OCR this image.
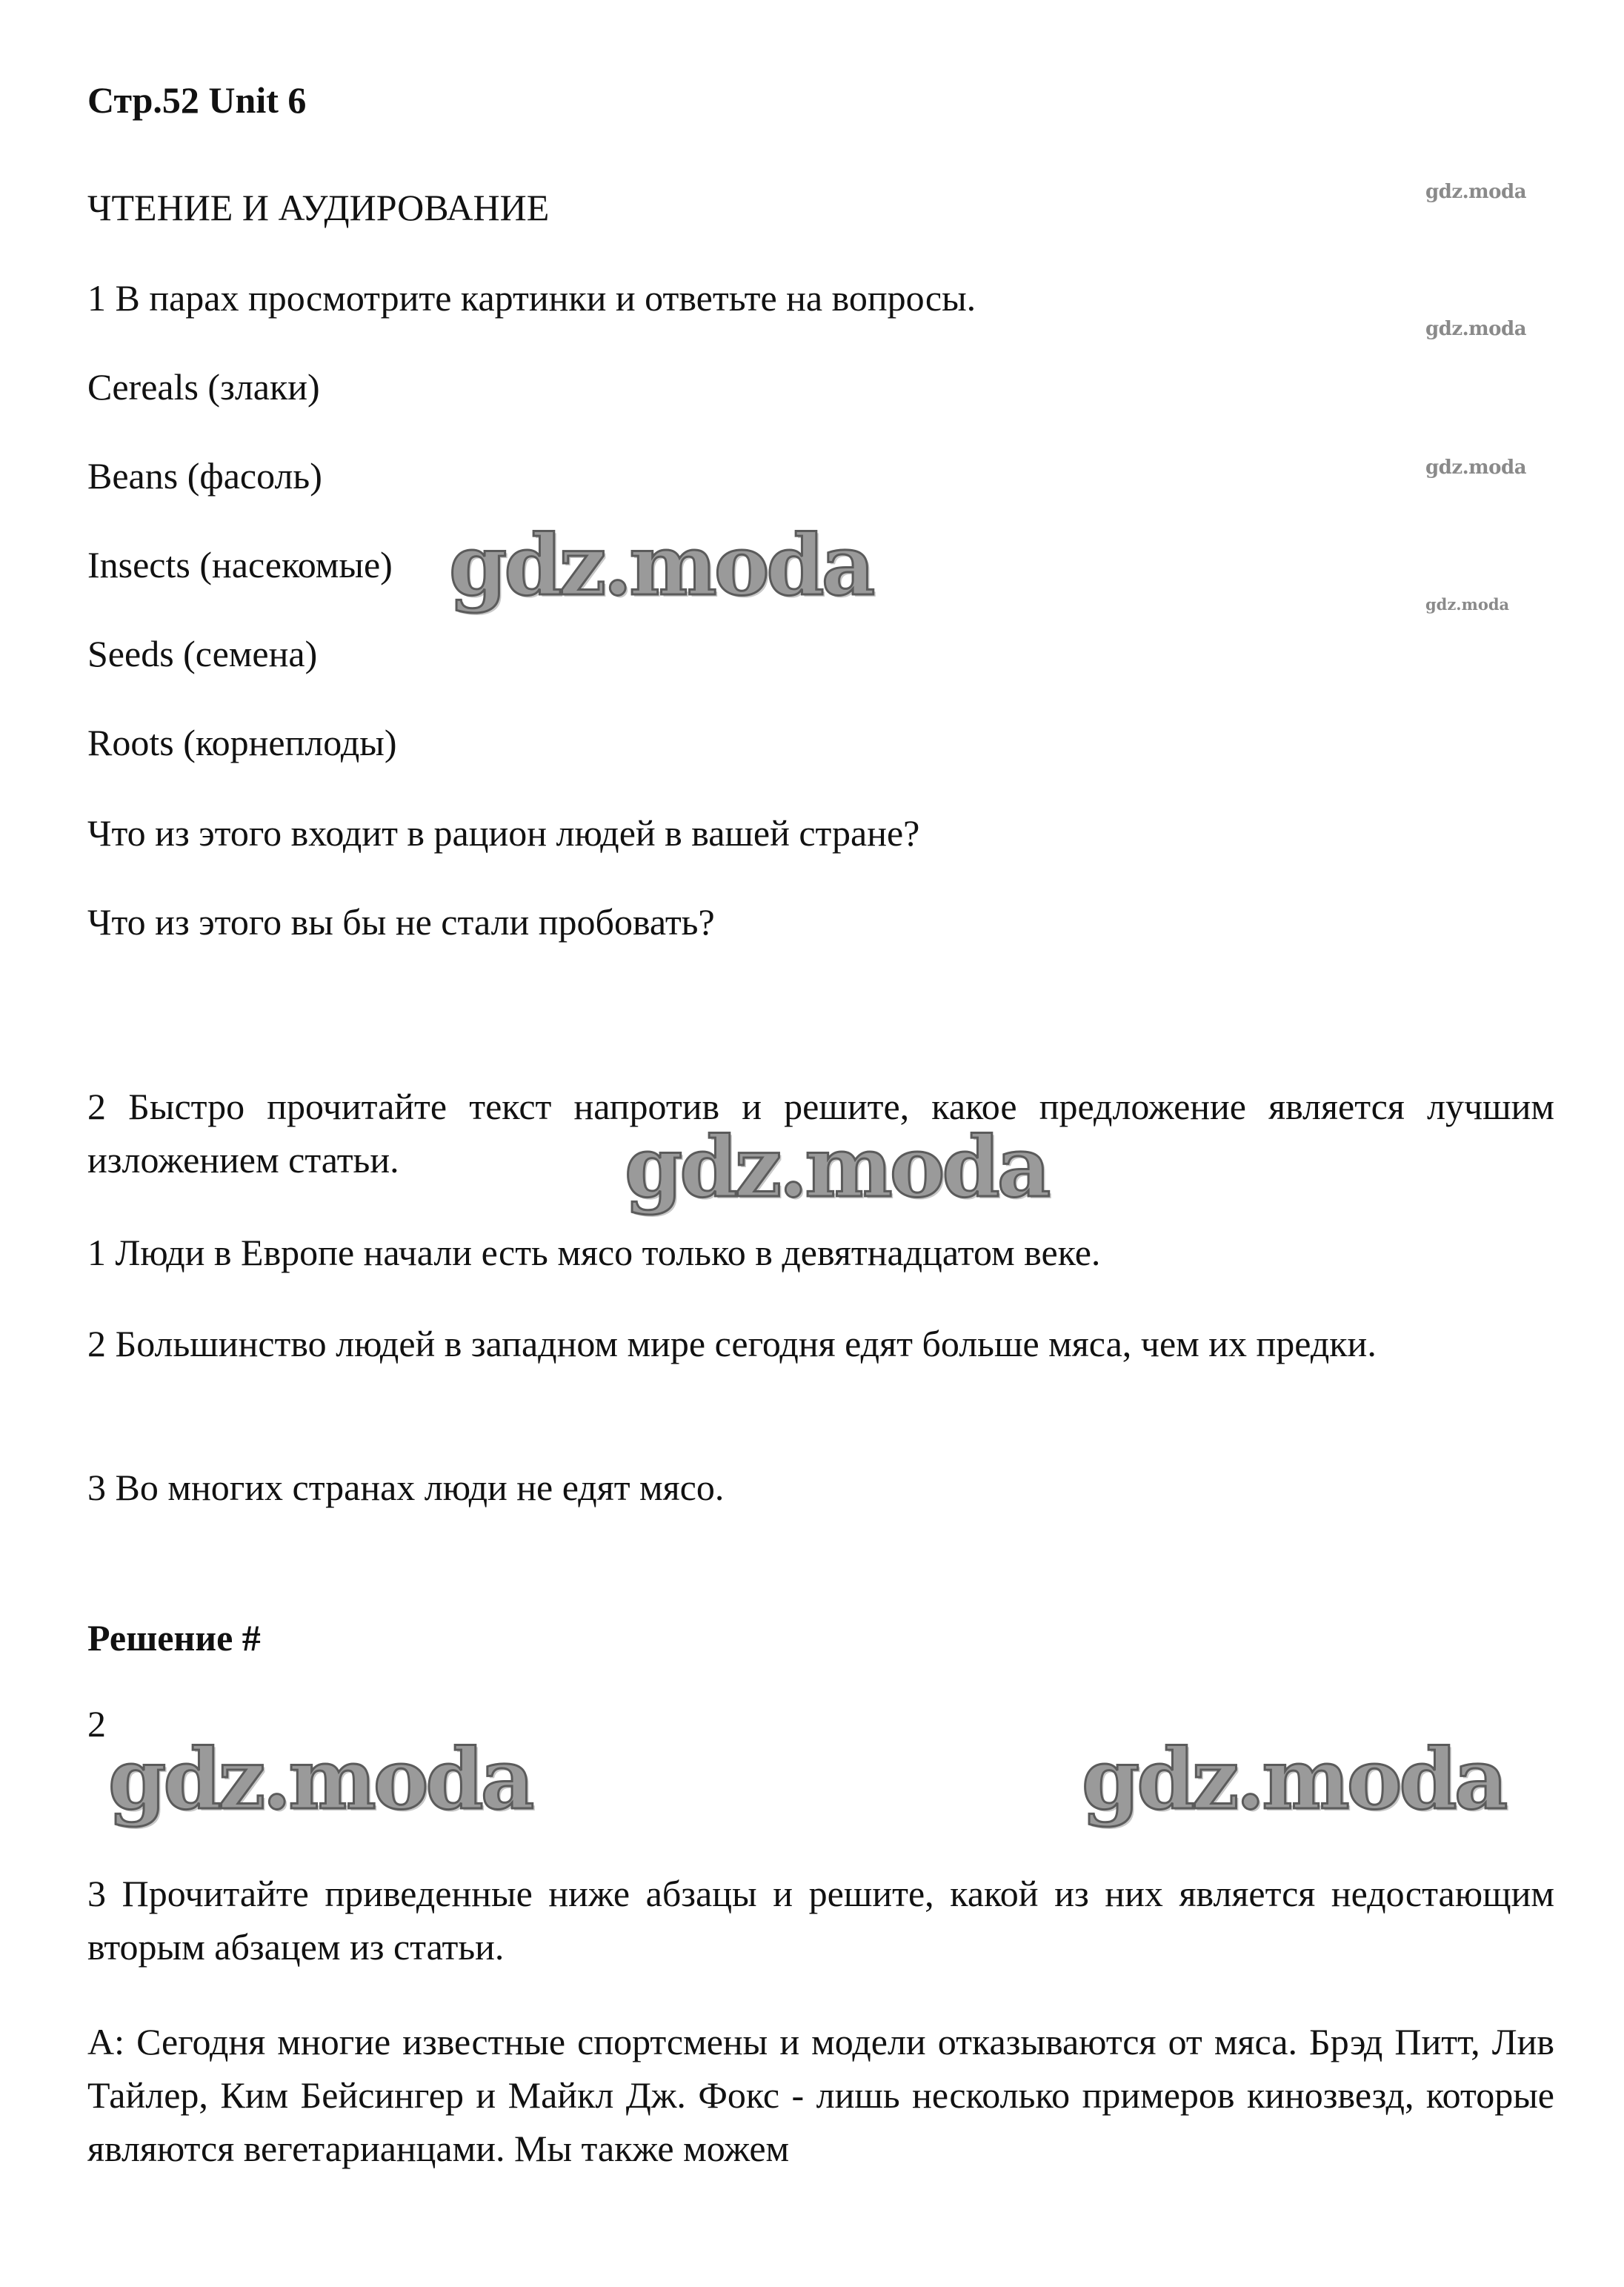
Стр.52 Unit 6
ЧТЕНИЕ И АУДИРОВАНИЕ
1 В парах просмотрите картинки и ответьте на вопросы.
Cereals (злаки)
Beans (фасоль)
Insects (насекомые)
Seeds (семена)
Roots (корнеплоды)
Что из этого входит в рацион людей в вашей стране?
Что из этого вы бы не стали пробовать?
2 Быстро прочитайте текст напротив и решите, какое предложение является лучшим изложением статьи.
1 Люди в Европе начали есть мясо только в девятнадцатом веке.
2 Большинство людей в западном мире сегодня едят больше мяса, чем их предки.
3 Во многих странах люди не едят мясо.
Решение #
2
3 Прочитайте приведенные ниже абзацы и решите, какой из них является недостающим вторым абзацем из статьи.
A: Сегодня многие известные спортсмены и модели отказываются от мяса. Брэд Питт, Лив Тайлер, Ким Бейсингер и Майкл Дж. Фокс - лишь несколько примеров кинозвезд, которые являются вегетарианцами. Мы также можем
gdz.moda
gdz.moda
gdz.moda
gdz.moda
gdz.moda
gdz.moda
gdz.moda	gdz.moda
